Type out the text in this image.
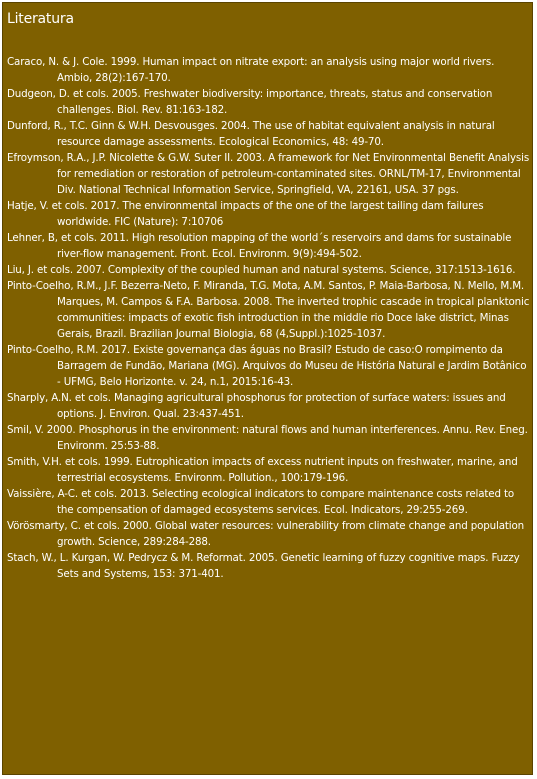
Literatura
Caraco, N. & J. Cole. 1999. Human impact on nitrate export: an analysis using major world rivers. Ambio, 28(2):167-170.
Dudgeon, D. et cols. 2005. Freshwater biodiversity: importance, threats, status and conservation challenges. Biol. Rev. 81:163-182.
Dunford, R., T.C. Ginn & W.H. Desvousges. 2004. The use of habitat equivalent analysis in natural resource damage assessments. Ecological Economics, 48: 49-70.
Efroymson, R.A., J.P. Nicolette & G.W. Suter II. 2003. A framework for Net Environmental Benefit Analysis for remediation or restoration of petroleum-contaminated sites. ORNL/TM-17, Environmental Div. National Technical Information Service, Springfield, VA, 22161, USA. 37 pgs.
Hatje, V. et cols. 2017. The environmental impacts of the one of the largest tailing dam failures worldwide. FIC (Nature): 7:10706
Lehner, B, et cols. 2011. High resolution mapping of the world´s reservoirs and dams for sustainable river-flow management. Front. Ecol. Environm. 9(9):494-502.
Liu, J. et cols. 2007. Complexity of the coupled human and natural systems. Science, 317:1513-1616.
Pinto-Coelho, R.M., J.F. Bezerra-Neto, F. Miranda, T.G. Mota, A.M. Santos, P. Maia-Barbosa, N. Mello, M.M. Marques, M. Campos & F.A. Barbosa. 2008. The inverted trophic cascade in tropical planktonic communities: impacts of exotic fish introduction in the middle rio Doce lake district, Minas Gerais, Brazil. Brazilian Journal Biologia, 68 (4,Suppl.):1025-1037.
Pinto-Coelho, R.M. 2017. Existe governança das águas no Brasil? Estudo de caso:O rompimento da Barragem de Fundão, Mariana (MG). Arquivos do Museu de História Natural e Jardim Botânico - UFMG, Belo Horizonte. v. 24, n.1, 2015:16-43.
Sharply, A.N. et cols. Managing agricultural phosphorus for protection of surface waters: issues and options. J. Environ. Qual. 23:437-451.
Smil, V. 2000. Phosphorus in the environment: natural flows and human interferences. Annu. Rev. Eneg. Environm. 25:53-88.
Smith, V.H. et cols. 1999. Eutrophication impacts of excess nutrient inputs on freshwater, marine, and terrestrial ecosystems. Environm. Pollution., 100:179-196.
Vaissière, A-C. et cols. 2013. Selecting ecological indicators to compare maintenance costs related to the compensation of damaged ecosystems services. Ecol. Indicators, 29:255-269.
Vörösmarty, C. et cols. 2000. Global water resources: vulnerability from climate change and population growth. Science, 289:284-288.
Stach, W., L. Kurgan, W. Pedrycz & M. Reformat. 2005. Genetic learning of fuzzy cognitive maps. Fuzzy Sets and Systems, 153: 371-401.
